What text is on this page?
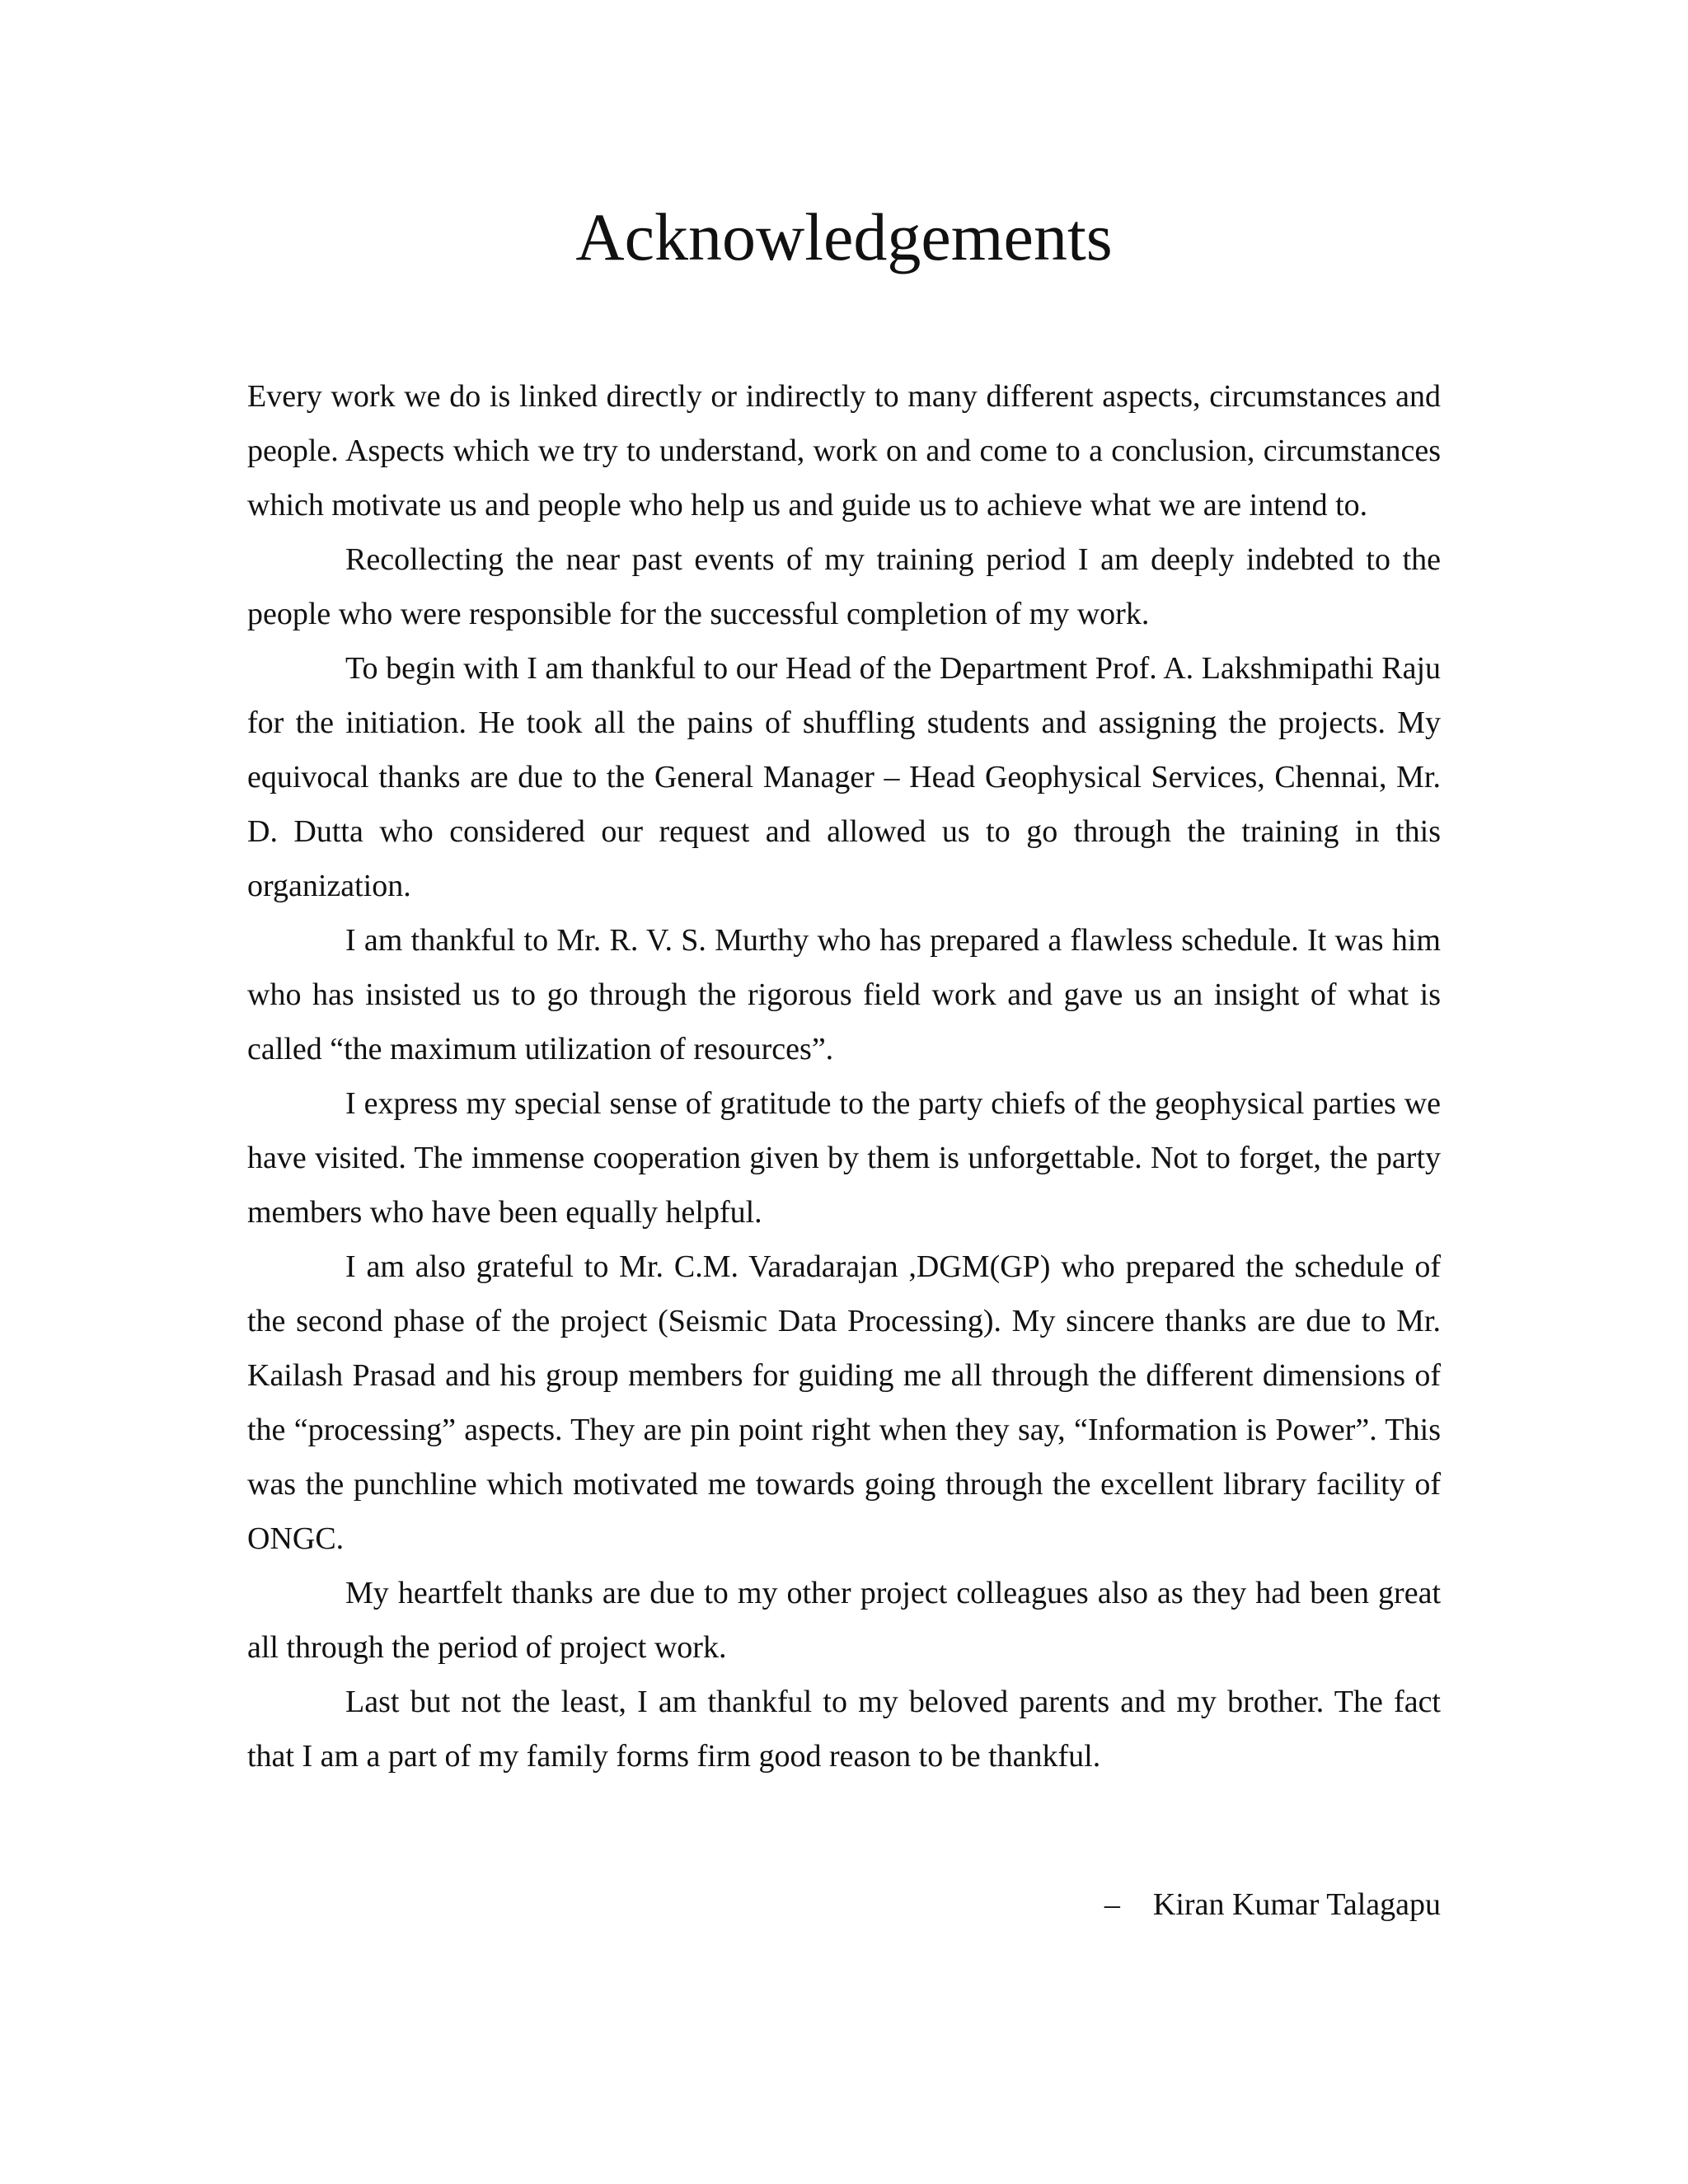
Acknowledgements

Every work we do is linked directly or indirectly to many different aspects, circumstances and people. Aspects which we try to understand, work on and come to a conclusion, circumstances which motivate us and people who help us and guide us to achieve what we are intend to.

Recollecting the near past events of my training period I am deeply indebted to the people who were responsible for the successful completion of my work.

To begin with I am thankful to our Head of the Department Prof. A. Lakshmipathi Raju for the initiation. He took all the pains of shuffling students and assigning the projects. My equivocal thanks are due to the General Manager – Head Geophysical Services, Chennai, Mr. D. Dutta who considered our request and allowed us to go through the training in this organization.

I am thankful to Mr. R. V. S. Murthy who has prepared a flawless schedule. It was him who has insisted us to go through the rigorous field work and gave us an insight of what is called “the maximum utilization of resources”.

I express my special sense of gratitude to the party chiefs of the geophysical parties we have visited. The immense cooperation given by them is unforgettable. Not to forget, the party members who have been equally helpful.

I am also grateful to Mr. C.M. Varadarajan ,DGM(GP) who prepared the schedule of the second phase of the project (Seismic Data Processing). My sincere thanks are due to Mr. Kailash Prasad and his group members for guiding me all through the different dimensions of the “processing” aspects. They are pin point right when they say, “Information is Power”. This was the punchline which motivated me towards going through the excellent library facility of ONGC.

My heartfelt thanks are due to my other project colleagues also as they had been great all through the period of project work.

Last but not the least, I am thankful to my beloved parents and my brother. The fact that I am a part of my family forms firm good reason to be thankful.

– Kiran Kumar Talagapu
